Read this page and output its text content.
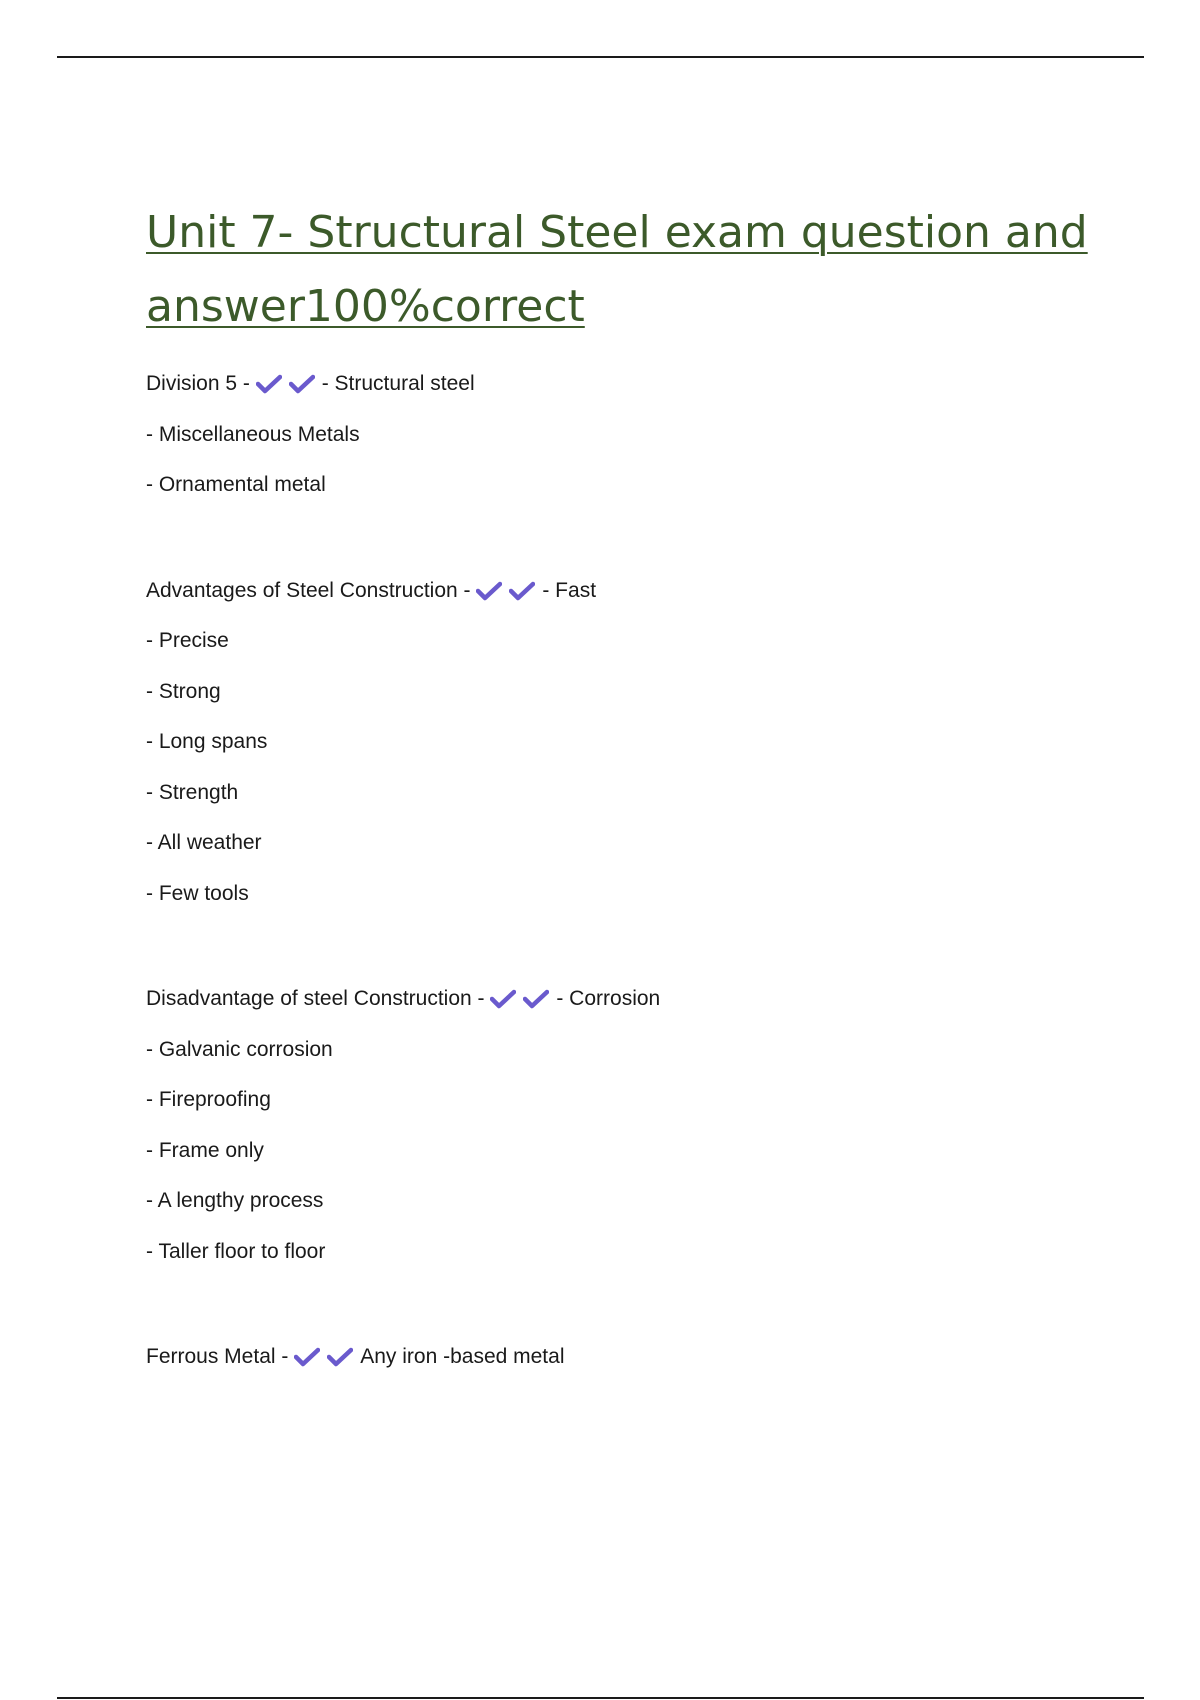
Unit 7- Structural Steel exam question and
answer100%correct
Division 5 -	- Structural steel
- Miscellaneous Metals
- Ornamental metal
Advantages of Steel Construction -	- Fast
- Precise
- Strong
- Long spans
- Strength
- All weather
- Few tools
Disadvantage of steel Construction -	- Corrosion
- Galvanic corrosion
- Fireproofing
- Frame only
- A lengthy process
- Taller floor to floor
Ferrous Metal -	Any iron -based metal
